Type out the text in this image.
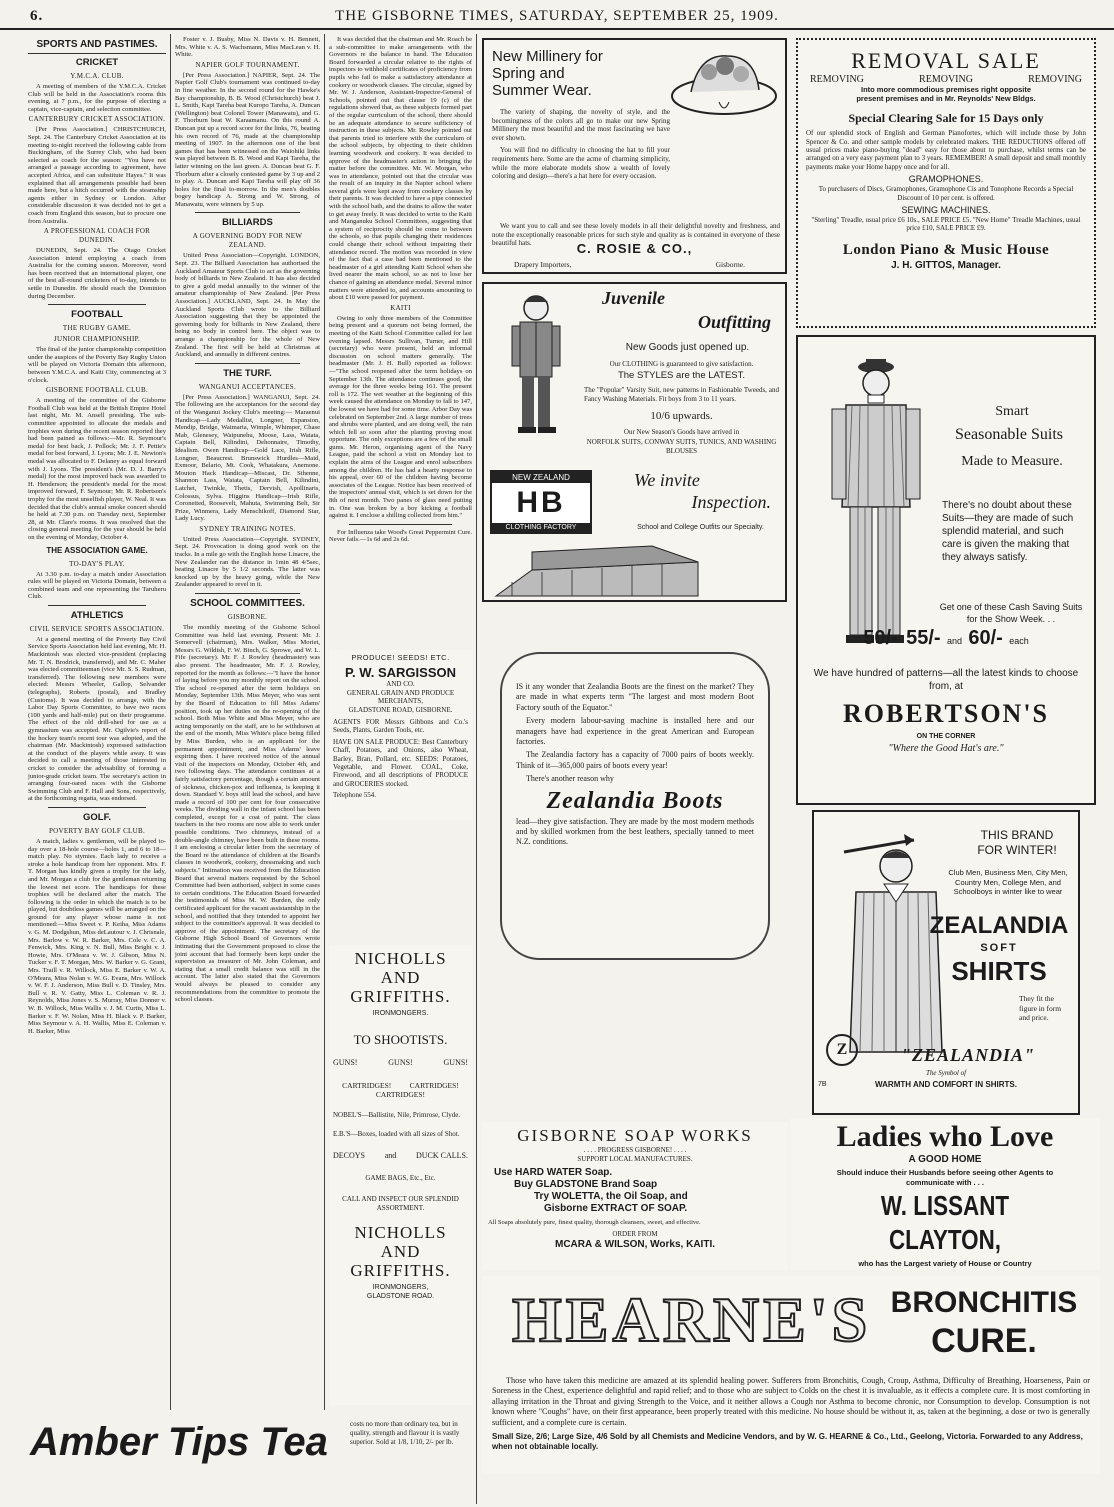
6.	THE GISBORNE TIMES, SATURDAY, SEPTEMBER 25, 1909.
SPORTS AND PASTIMES.
CRICKET
Y.M.C.A. CLUB.

A meeting of members of the Y.M.C.A. Cricket Club will be held in the Association's rooms this evening, at 7 p.m., for the purpose of electing a captain, vice-captain, and selection committee.

CANTERBURY CRICKET ASSOCIATION.

[Per Press Association.] CHRISTCHURCH, Sept. 24. The Canterbury Cricket Association at its meeting to-night received the following cable from Buckingham, of the Surrey Club, who had been selected as coach for the season: "You have not arranged a passage according to agreement, have accepted Africa, and can substitute Hayes." It was explained that all arrangements possible had been made here, but a hitch occurred with the steamship agents either in Sydney or London. After considerable discussion it was decided not to get a coach from England this season, but to procure one from Australia.

A PROFESSIONAL COACH FOR DUNEDIN.

DUNEDIN, Sept. 24. The Otago Cricket Association intend employing a coach from Australia for the coming season. Moreover, word has been received that an international player, one of the best all-round cricketers of to-day, intends to settle in Dunedin. He should reach the Dominion during December.

FOOTBALL
THE RUGBY GAME.
JUNIOR CHAMPIONSHIP.

The final of the junior championship competition under the auspices of the Poverty Bay Rugby Union will be played on Victoria Domain this afternoon, between Y.M.C.A. and Kaiti City, commencing at 3 o'clock.

GISBORNE FOOTBALL CLUB.

A meeting of the committee of the Gisborne Football Club was held at the British Empire Hotel last night, Mr. M. Ansell presiding. The sub-committee appointed to allocate the medals and trophies won during the recent season reported they had been pained as follows:—Mr. R. Seymour's medal for best back, J. Pollock; Mr. J. F. Pettie's medal for best forward, J. Lyons; Mr. J. E. Newton's medal was allocated to F. Delaney as equal forward with J. Lyons. The president's (Mr. D. J. Barry's medal) for the most improved back was awarded to H. Henderson; the president's medal for the most improved forward, F. Seymour; Mr. R. Robertson's trophy for the most unselfish player, W. Neal. It was decided that the club's annual smoke concert should be held at 7.30 p.m. on Tuesday next, September 28, at Mr. Clare's rooms. It was resolved that the closing general meeting for the year should be held on the evening of Monday, October 4.

THE ASSOCIATION GAME.
TO-DAY'S PLAY.

At 3.30 p.m. to-day a match under Association rules will be played on Victoria Domain, between a combined team and one representing the Taruheru Club.

ATHLETICS
CIVIL SERVICE SPORTS ASSOCIATION.

At a general meeting of the Poverty Bay Civil Service Sports Association held last evening, Mr. H. Mackintosh was elected vice-president (replacing Mr. T. N. Brodrick, transferred), and Mr. C. Maher was elected committeeman (vice Mr. S. S. Rudman, transferred). The following new members were elected: Messrs Wheeler, Gallop, Selvander (telegraphs), Roberts (postal), and Bradley (Customs). It was decided to arrange, with the Labor Day Sports Committee, to have two races (100 yards and half-mile) put on their programme. The effect of the old drill-shed for use as a gymnasium was accepted. Mr. Ogilvie's report of the hockey team's recent tour was adopted, and the chairman (Mr. Mackintosh) expressed satisfaction at the conduct of the players while away. It was decided to call a meeting of those interested in cricket to consider the advisability of forming a junior-grade cricket team. The secretary's action in arranging four-oared races with the Gisborne Swimming Club and F. Hall and Sons, respectively, at the forthcoming regatta, was endorsed.

GOLF.
POVERTY BAY GOLF CLUB.

A match, ladies v. gentlemen, will be played to-day over a 18-hole course—holes 1, and 6 to 18—match play. No stymies. Each lady to receive a stroke a hole handicap from her opponent. Mrs. F. T. Morgan has kindly given a trophy for the lady, and Mr. Morgan a club for the gentleman returning the lowest net score. The handicaps for these trophies will be declared after the match. The following is the order in which the match is to be played, but doubtless games will be arranged on the ground for any player whose name is not mentioned:—Miss Sweet v. P. Keiha, Miss Adams v. G. M. Dodgshun, Miss deLautour v. J. Chrisnale, Mrs. Barlow v. W. R. Barker, Mrs. Cole v. C. A. Fenwick, Mrs. King v. N. Bull, Miss Bright v. J. Howie, Mrs. O'Meara v. W. J. Gibson, Miss N. Tucker v. F. T. Morgan, Mrs. W. Barker v. G. Grant, Mrs. Traill v. R. Willock, Miss E. Barker v. W. A. O'Meara, Miss Nolan v. W. G. Evans, Mrs. Willock v. W. F. J. Anderson, Miss Bull v. D. Tinsley, Mrs. Bull v. R. V. Gatty, Miss L. Coleman v. R. J. Reynolds, Miss Jones v. S. Murray, Miss Donner v. W. B. Willock, Miss Wallis v. J. M. Curtis, Miss L. Barker v. F. W. Nolan, Miss H. Black v. P. Barker, Miss Seymour v. A. H. Wallis, Miss E. Coleman v. H. Barker, Miss

Foster v. J. Busby, Miss N. Davis v. H. Bennett, Mrs. White v. A. S. Wachsmann, Miss MacLean v. H. White.

NAPIER GOLF TOURNAMENT.

[Per Press Association.] NAPIER, Sept. 24. The Napier Golf Club's tournament was continued to-day in fine weather. In the second round for the Hawke's Bay championship, B. B. Wood (Christchurch) beat J. L. Smith, Kapi Tareha beat Kuropo Tareha, A. Duncan (Wellington) beat Colonel Tower (Manawatu), and G. F. Thorburn beat W. Karaamanu. On this round A. Duncan put up a record score for the links, 76, beating his own record of 76, made at the championship meeting of 1907. In the afternoon one of the best games that has been witnessed on the Waiohiki links was played between B. B. Wood and Kapi Tareha, the latter winning on the last green. A. Duncan beat G. F. Thorburn after a closely contested game by 3 up and 2 to play. A. Duncan and Kapi Tareha will play off 36 holes for the final to-morrow. In the men's doubles bogey handicap A. Strong and W. Strong, of Manawatu, were winners by 5 up.

BILLIARDS
A GOVERNING BODY FOR NEW ZEALAND.

United Press Association—Copyright. LONDON, Sept. 23. The Billiard Association has authorised the Auckland Amateur Sports Club to act as the governing body of billiards in New Zealand. It has also decided to give a gold medal annually to the winner of the amateur championship of New Zealand. [Per Press Association.] AUCKLAND, Sept. 24. In May the Auckland Sports Club wrote to the Billiard Association suggesting that they be appointed the governing body for billiards in New Zealand, there being no body in control here. The object was to arrange a championship for the whole of New Zealand. The first will be held at Christmas at Auckland, and annually in different centres.

THE TURF.
WANGANUI ACCEPTANCES.

[Per Press Association.] WANGANUI, Sept. 24. The following are the acceptances for the second day of the Wanganui Jockey Club's meeting:— Maraenui Handicap—Lady Medallist, Longner, Expansion, Mendip, Bridge, Waimaria, Wimple, Whimper, Chase Mab, Glenesey, Waipunehu, Moose, Lass, Waiata, Captain Bell, Kilindini, Dehonnaire, Timothy, Idealism. Owen Handicap—Gold Lace, Irish Rifle, Longner, Beaucrest. Brunswick Hurdles—Maid, Exmoor, Belario, Mt. Cook, Whatakura, Anemone. Mouton Hack Handicap—Miscast, Dr. Sthenne, Shannon Lass, Waiata, Captain Bell, Kilindini, Latchet, Twinkle, Thetis, Dervish, Apollinaris, Colossus, Sylva. Higgins Handicap—Irish Rifle, Coronetted, Roosevelt, Mahuta, Swimming Belt, Sir Prize, Winmera, Lady Menschikoff, Diamond Star, Lady Lucy.

SYDNEY TRAINING NOTES.

United Press Association—Copyright. SYDNEY, Sept. 24. Provocation is doing good work on the tracks. In a mile go with the English horse Linacre, the New Zealander ran the distance in 1min 48 4/5sec, beating Linacre by 5 1/2 seconds. The latter was knocked up by the heavy going, while the New Zealander appeared to revel in it.

SCHOOL COMMITTEES.
GISBORNE.

The monthly meeting of the Gisborne School Committee was held last evening. Present: Mr. J. Somervell (chairman), Mrs. Walker, Miss Moriet, Messrs G. Wildish, F. W. Binch, G. Sprowe, and W. L. Fife (secretary). Mr. F. J. Rowley (headmaster) was also present. The headmaster, Mr. F. J. Rowley, reported for the month as follows:—"I have the honor of laying before you my monthly report on the school. The school re-opened after the term holidays on Monday, September 13th. Miss Meyer, who was sent by the Board of Education to fill Miss Adams' position, took up her duties on the re-opening of the school. Both Miss White and Miss Meyer, who are acting temporarily on the staff, are to be withdrawn at the end of the month, Miss White's place being filled by Miss Burden, who is an applicant for the permanent appointment, and Miss Adams' leave expiring then. I have received notice of the annual visit of the inspectors on Monday, October 4th, and two following days. The attendance continues at a fairly satisfactory percentage, though a certain amount of sickness, chicken-pox and influenza, is keeping it down. Standard V. boys still lead the school, and have made a record of 100 per cent for four consecutive weeks. The dividing wall in the infant school has been completed, except for a coat of paint. The class teachers in the two rooms are now able to work under possible conditions. Two chimneys, instead of a double-angle chimney, have been built in these rooms. I am enclosing a circular letter from the secretary of the Board re the attendance of children at the Board's classes in woodwork, cookery, dressmaking and such subjects." Intimation was received from the Education Board that several matters requested by the School Committee had been authorised, subject in some cases to certain conditions. The Education Board forwarded the testimonials of Miss M. W. Burden, the only certificated applicant for the vacant assistantship in the school, and notified that they intended to appoint her subject to the committee's approval. It was decided to approve of the appointment. The secretary of the Gisborne High School Board of Governors wrote intimating that the Government proposed to close the joint account that had formerly been kept under the supervision as treasurer of Mr. John Coleman, and stating that a small credit balance was still in the account. The latter also stated that the Governors would always be pleased to consider any recommendations from the committee to promote the school classes.

It was decided that the chairman and Mr. Roach be a sub-committee to make arrangements with the Governors re the balance in hand. The Education Board forwarded a circular relative to the rights of inspectors to withhold certificates of proficiency from pupils who fail to make a satisfactory attendance at cookery or woodwork classes. The circular, signed by Mr. W. J. Anderson, Assistant-Inspector-General of Schools, pointed out that clause 19 (c) of the regulations showed that, as these subjects formed part of the regular curriculum of the school, there should be an adequate attendance to secure sufficiency of instruction in these subjects. Mr. Rowley pointed out that parents tried to interfere with the curriculum of the school subjects, by objecting to their children learning woodwork and cookery. It was decided to approve of the headmaster's action in bringing the matter before the committee. Mr. W. Morgan, who was in attendance, pointed out that the circular was the result of an inquiry in the Napier school where several girls were kept away from cookery classes by their parents. It was decided to have a pipe connected with the school bath, and the drains to allow the water to get away freely. It was decided to write to the Kaiti and Manganuku School Committees, suggesting that a system of reciprocity should be come to between the schools, so that pupils changing their residences could change their school without impairing their attendance record. The motion was recorded in view of the fact that a case had been mentioned to the headmaster of a girl attending Kaiti School when she lived nearer the main school, so as not to lose her chance of gaining an attendance medal. Several minor matters were attended to, and accounts amounting to about £10 were passed for payment.

KAITI

Owing to only three members of the Committee being present and a quorum not being formed, the meeting of the Kaiti School Committee called for last evening lapsed. Messrs Sullivan, Turner, and Hill (secretary) who were present, held an informal discussion on school matters generally. The headmaster (Mr. J. H. Bull) reported as follows:—"The school reopened after the term holidays on September 13th. The attendance continues good, the average for the three weeks being 161. The present roll is 172. The wet weather at the beginning of this week caused the attendance on Monday to fall to 147, the lowest we have had for some time. Arbor Day was celebrated on September 2nd. A large number of trees and shrubs were planted, and are doing well, the rain which fell so soon after the planting proving most opportune. The only exceptions are a few of the small gums. Mr. Heron, organising agent of the Navy League, paid the school a visit on Monday last to explain the aims of the League and enrol subscribers among the children. He has had a hearty response to his appeal, over 60 of the children having become associates of the League. Notice has been received of the inspectors' annual visit, which is set down for the 8th of next month. Two panes of glass need putting in. One was broken by a boy kicking a football against it. I enclose a shilling collected from him."

For Influenza take Wood's Great Peppermint Cure. Never fails.—1s 6d and 2s 6d.

PRODUCE! SEEDS! ETC.
P. W. SARGISSON
AND CO.
GENERAL GRAIN AND PRODUCE MERCHANTS,
GLADSTONE ROAD, GISBORNE.

AGENTS FOR Messrs Gibbons and Co.'s Seeds, Plants, Garden Tools, etc.

HAVE ON SALE PRODUCE: Best Canterbury Chaff, Potatoes, and Onions, also Wheat, Barley, Bran, Pollard, etc. SEEDS: Potatoes, Vegetable, and Flower. COAL, Coke, Firewood, and all descriptions of PRODUCE and GROCERIES stocked.

Telephone 554.
NICHOLLS AND
GRIFFITHS.
IRONMONGERS.
TO SHOOTISTS.
GUNS!	GUNS!	GUNS!
CARTRIDGES! CARTRIDGES!
CARTRIDGES!
NOBEL'S—Ballistite, Nile, Primrose, Clyde.
E.B.'S—Boxes, loaded with all sizes of Shot.
DECOYS and DUCK CALLS.
GAME BAGS, Etc., Etc.
CALL AND INSPECT OUR SPLENDID ASSORTMENT.
NICHOLLS AND
GRIFFITHS.
IRONMONGERS,
GLADSTONE ROAD.
New Millinery for
Spring and
Summer Wear.

The variety of shaping, the novelty of style, and the becomingness of the colors all go to make our new Spring Millinery the most beautiful and the most fascinating we have ever shown.

You will find no difficulty in choosing the hat to fill your requirements here. Some are the acme of charming simplicity, while the more elaborate models show a wealth of lovely coloring and design—there's a hat here for every occasion.

We want you to call and see these lovely models in all their delightful novelty and freshness, and note the exceptionally reasonable prices for such style and quality as is contained in everyone of these beautiful hats.	C. ROSIE & CO.,
Drapery Importers,	Gisborne.
Juvenile
Outfitting
New Goods just opened up.
Our CLOTHING is guaranteed to give satisfaction.
The STYLES are the LATEST.
The "Popular" Varsity Suit, new patterns in Fashionable Tweeds, and Fancy Washing Materials. Fit boys from 3 to 11 years.
10/6 upwards.
Our New Season's Goods have arrived in
NORFOLK SUITS, CONWAY SUITS, TUNICS, AND WASHING BLOUSES
NEW ZEALAND
HB
CLOTHING FACTORY
We invite
Inspection.
School and College Outfits our Specialty.

IS it any wonder that Zealandia Boots are the finest on the market? They are made in what experts term "The largest and most modern Boot Factory south of the Equator."

Every modern labour-saving machine is installed here and our managers have had experience in the great American and European factories.

The Zealandia factory has a capacity of 7000 pairs of boots weekly. Think of it—365,000 pairs of boots every year!

There's another reason why

Zealandia Boots

lead—they give satisfaction. They are made by the most modern methods and by skilled workmen from the best leathers, specially tanned to meet N.Z. conditions.

REMOVAL SALE
REMOVING	REMOVING	REMOVING
Into more commodious premises right opposite
present premises and in Mr. Reynolds' New Bldgs.
Special Clearing Sale for 15 Days only

Of our splendid stock of English and German Pianofortes, which will include those by John Spencer & Co. and other sample models by celebrated makers. THE REDUCTIONS offered off usual prices make piano-buying "dead" easy for those about to purchase, whilst terms can be arranged on a very easy payment plan to 3 years. REMEMBER! A small deposit and small monthly payments make your Home happy once and for all.

GRAMOPHONES.

To purchasers of Discs, Gramophones, Gramophone Cis and Tonophone Records a Special Discount of 10 per cent. is offered.

SEWING MACHINES.

"Sterling" Treadle, usual price £6 10s., SALE PRICE £5. "New Home" Treadle Machines, usual price £10, SALE PRICE £9.

London Piano & Music House
J. H. GITTOS, Manager.
Smart
Seasonable Suits
Made to Measure.

There's no doubt about these Suits—they are made of such splendid material, and such care is given the making that they always satisfy.

Get one of these Cash Saving Suits for the Show Week. . .

50/- 55/- and 60/- each

We have hundred of patterns—all the latest kinds to choose from, at

ROBERTSON'S
ON THE CORNER
"Where the Good Hat's are."
THIS BRAND
FOR WINTER!

Club Men, Business Men, City Men, Country Men, College Men, and Schoolboys in winter like to wear

ZEALANDIA
SOFT
SHIRTS

They fit the figure in form and price.

Z	"ZEALANDIA"
The Symbol of
WARMTH AND COMFORT IN SHIRTS.
7B
GISBORNE SOAP WORKS
. . . . PROGRESS GISBORNE! . . . .
SUPPORT LOCAL MANUFACTURES.
Use HARD WATER Soap.
Buy GLADSTONE Brand Soap
Try WOLETTA, the Oil Soap, and
Gisborne EXTRACT OF SOAP.
All Soaps absolutely pure, finest quality, thorough cleansers, sweet, and effective.
ORDER FROM
MCARA & WILSON, Works, KAITI.
Ladies who Love
A GOOD HOME

Should induce their Husbands before seeing other Agents to communicate with . . .

W. LISSANT CLAYTON,

who has the Largest variety of House or Country

HEARNE'S BRONCHITIS
CURE.

Those who have taken this medicine are amazed at its splendid healing power. Sufferers from Bronchitis, Cough, Croup, Asthma, Difficulty of Breathing, Hoarseness, Pain or Soreness in the Chest, experience delightful and rapid relief; and to those who are subject to Colds on the chest it is invaluable, as it effects a complete cure. It is most comforting in allaying irritation in the Throat and giving Strength to the Voice, and it neither allows a Cough nor Asthma to become chronic, nor Consumption to develop. Consumption is not known where "Coughs" have, on their first appearance, been properly treated with this medicine. No house should be without it, as, taken at the beginning, a dose or two is generally sufficient, and a complete cure is certain.

Small Size, 2/6; Large Size, 4/6 Sold by all Chemists and Medicine Vendors, and by W. G. HEARNE & Co., Ltd., Geelong, Victoria. Forwarded to any Address, when not obtainable locally.

Amber Tips Tea	costs no more than ordinary tea, but in quality, strength and flavour it is vastly superior. Sold at 1/8, 1/10, 2/- per lb.
